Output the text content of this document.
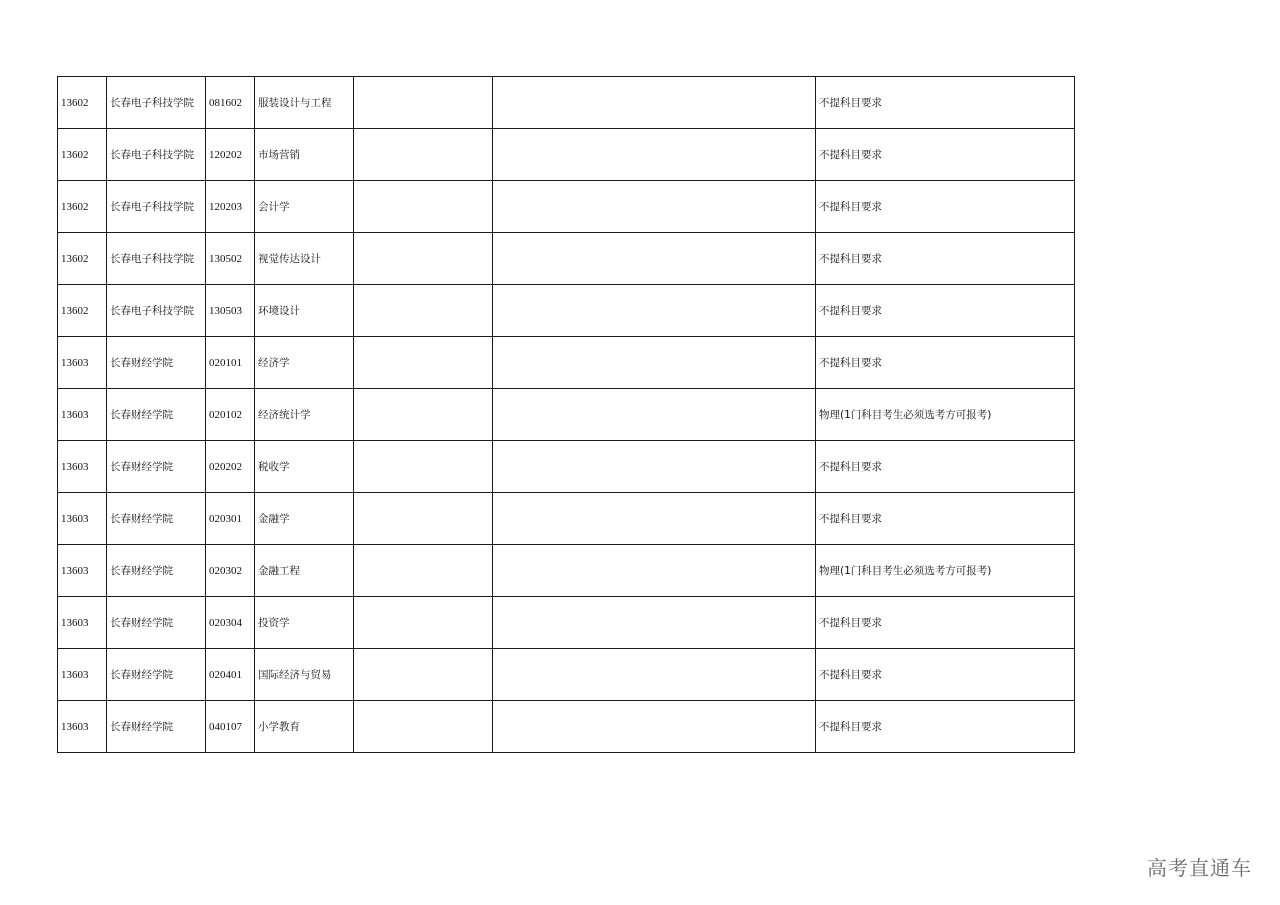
13602	长春电子科技学院	081602	服装设计与工程			不提科目要求
13602	长春电子科技学院	120202	市场营销			不提科目要求
13602	长春电子科技学院	120203	会计学			不提科目要求
13602	长春电子科技学院	130502	视觉传达设计			不提科目要求
13602	长春电子科技学院	130503	环境设计			不提科目要求
13603	长春财经学院	020101	经济学			不提科目要求
13603	长春财经学院	020102	经济统计学			物理(1门科目考生必须选考方可报考)
13603	长春财经学院	020202	税收学			不提科目要求
13603	长春财经学院	020301	金融学			不提科目要求
13603	长春财经学院	020302	金融工程			物理(1门科目考生必须选考方可报考)
13603	长春财经学院	020304	投资学			不提科目要求
13603	长春财经学院	020401	国际经济与贸易			不提科目要求
13603	长春财经学院	040107	小学教育			不提科目要求
高考直通车
